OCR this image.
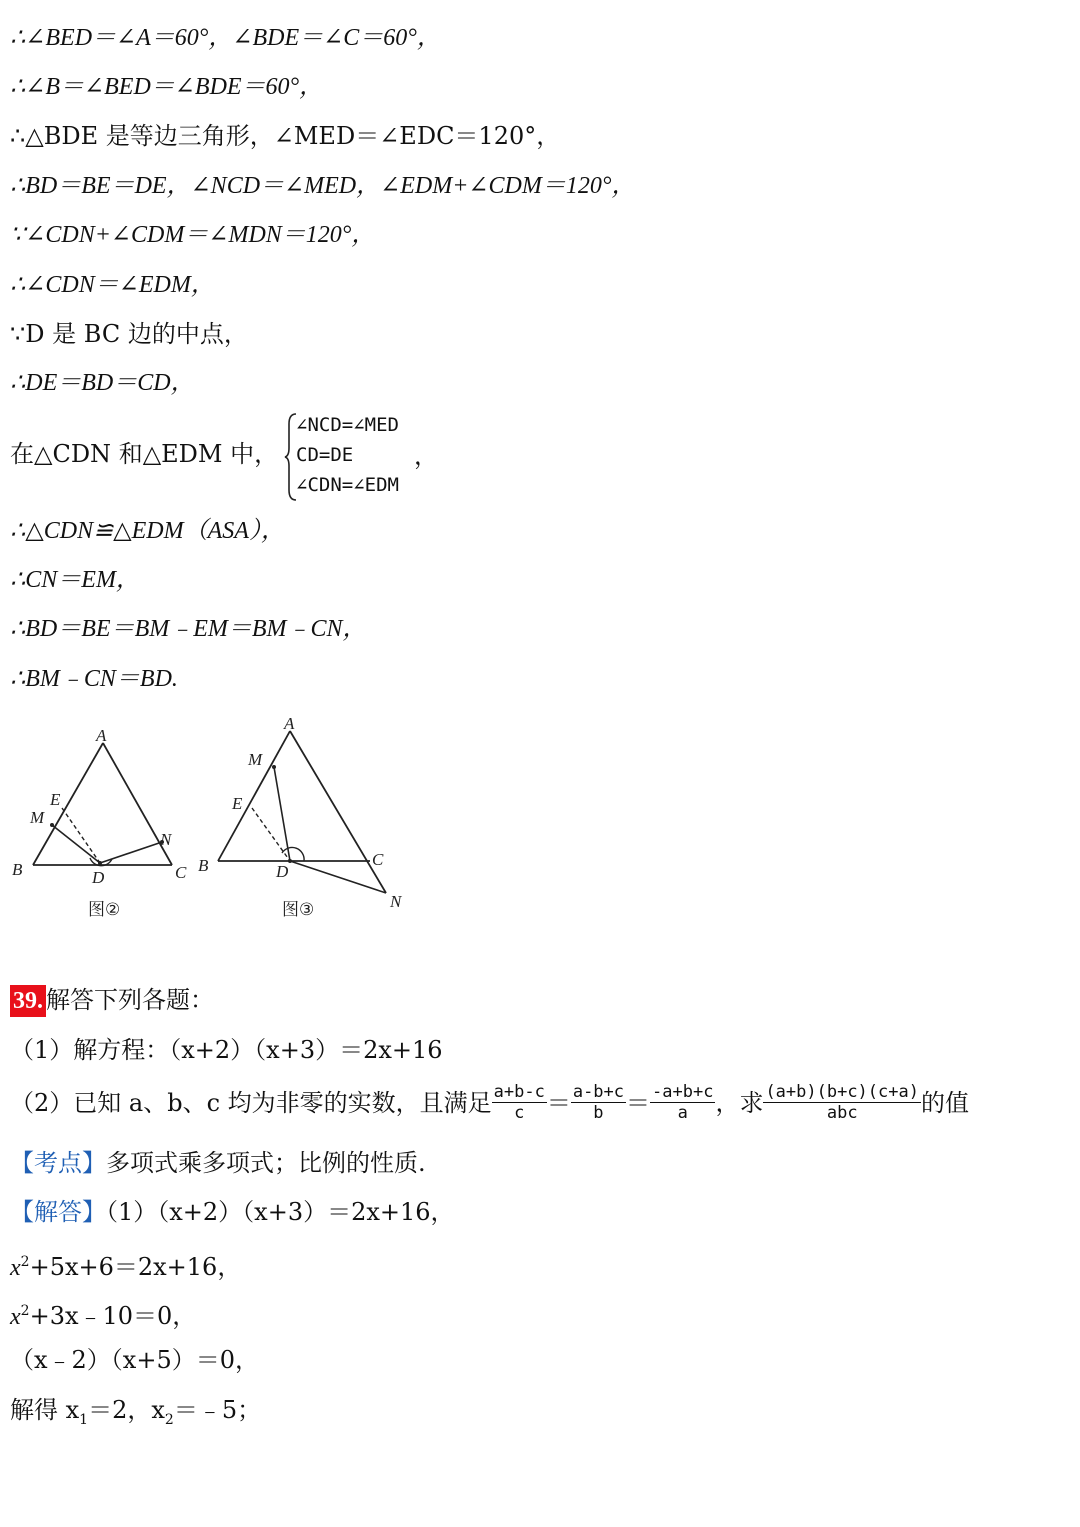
∴∠BED＝∠A＝60°，∠BDE＝∠C＝60°，
∴∠B＝∠BED＝∠BDE＝60°，
∴△BDE 是等边三角形，∠MED＝∠EDC＝120°，
∴BD＝BE＝DE，∠NCD＝∠MED，∠EDM+∠CDM＝120°，
∵∠CDN+∠CDM＝∠MDN＝120°，
∴∠CDN＝∠EDM，
∵D 是 BC 边的中点，
∴DE＝BD＝CD，
在△CDN 和△EDM 中，
∠NCD=∠MED
CD=DE
∠CDN=∠EDM
，
∴△CDN≌△EDM（ASA），
∴CN＝EM，
∴BD＝BE＝BM﹣EM＝BM﹣CN，
∴BM﹣CN＝BD.
A
B	C
D
E
M
N
图②
A
B	C
D
E
M
N
图③
39. 解答下列各题：
（1）解方程：（x+2）（x+3）＝2x+16
（2）已知 a、b、c 均为非零的实数，且满足 $\frac{a+b-c}{c} = \frac{a-b+c}{b} = \frac{-a+b+c}{a}$ ，求 $\frac{(a+b)(b+c)(c+a)}{\text{abc}}$ 的值
【考点】多项式乘多项式；比例的性质.
【解答】（1）（x+2）（x+3）＝2x+16，
$x^2+5x+6=2x+16$，
$x^2+3x﹣10=0$，
（x﹣2）（x+5）＝0，
解得 $x_1=2$，$x_2=﹣5$；
